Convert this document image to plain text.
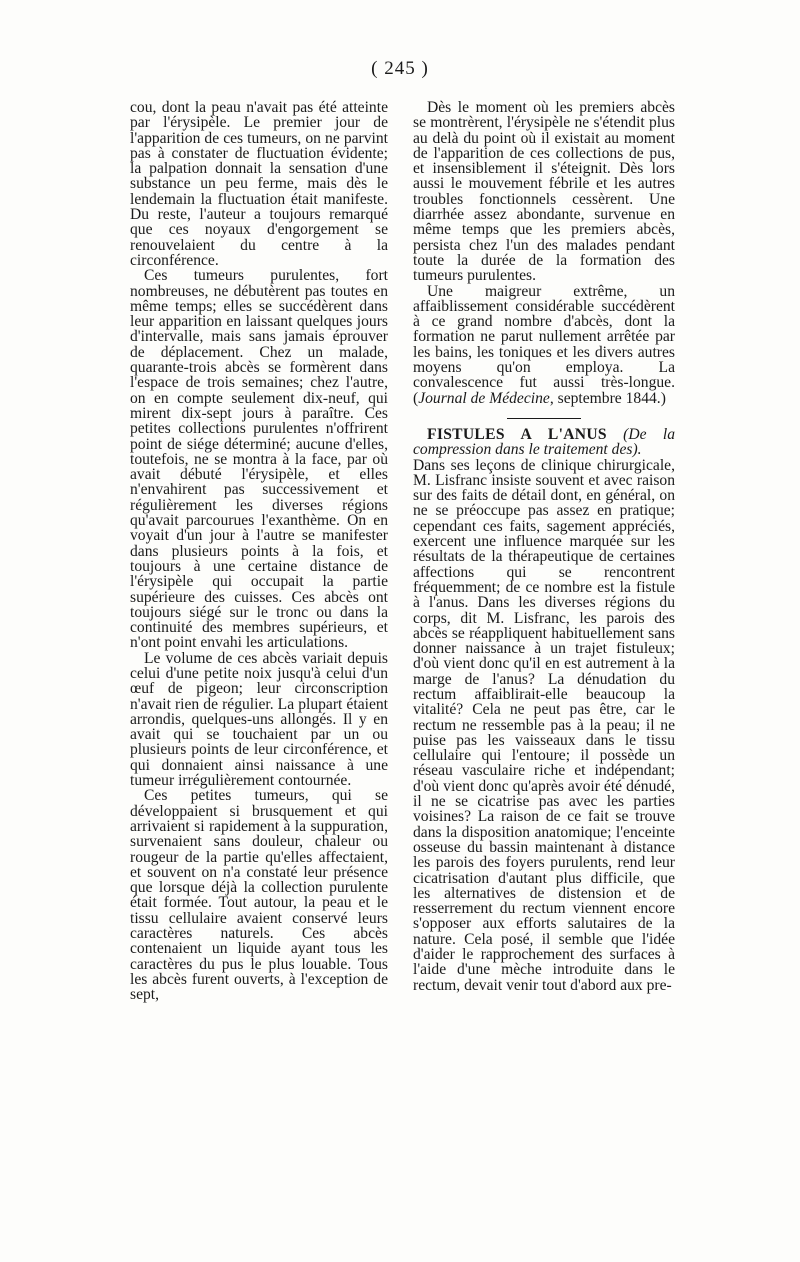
( 245 )

cou, dont la peau n'avait pas été atteinte par l'érysipèle. Le premier jour de l'apparition de ces tumeurs, on ne parvint pas à constater de fluctuation évidente; la palpation donnait la sensation d'une substance un peu ferme, mais dès le lendemain la fluctuation était manifeste. Du reste, l'auteur a toujours remarqué que ces noyaux d'engorgement se renouvelaient du centre à la circonférence.

Ces tumeurs purulentes, fort nombreuses, ne débutèrent pas toutes en même temps; elles se succédèrent dans leur apparition en laissant quelques jours d'intervalle, mais sans jamais éprouver de déplacement. Chez un malade, quarante-trois abcès se formèrent dans l'espace de trois semaines; chez l'autre, on en compte seulement dix-neuf, qui mirent dix-sept jours à paraître. Ces petites collections purulentes n'offrirent point de siége déterminé; aucune d'elles, toutefois, ne se montra à la face, par où avait débuté l'érysipèle, et elles n'envahirent pas successivement et régulièrement les diverses régions qu'avait parcourues l'exanthème. On en voyait d'un jour à l'autre se manifester dans plusieurs points à la fois, et toujours à une certaine distance de l'érysipèle qui occupait la partie supérieure des cuisses. Ces abcès ont toujours siégé sur le tronc ou dans la continuité des membres supérieurs, et n'ont point envahi les articulations.

Le volume de ces abcès variait depuis celui d'une petite noix jusqu'à celui d'un œuf de pigeon; leur circonscription n'avait rien de régulier. La plupart étaient arrondis, quelques-uns allongés. Il y en avait qui se touchaient par un ou plusieurs points de leur circonférence, et qui donnaient ainsi naissance à une tumeur irrégulièrement contournée.

Ces petites tumeurs, qui se développaient si brusquement et qui arrivaient si rapidement à la suppuration, survenaient sans douleur, chaleur ou rougeur de la partie qu'elles affectaient, et souvent on n'a constaté leur présence que lorsque déjà la collection purulente était formée. Tout autour, la peau et le tissu cellulaire avaient conservé leurs caractères naturels. Ces abcès contenaient un liquide ayant tous les caractères du pus le plus louable. Tous les abcès furent ouverts, à l'exception de sept,

Dès le moment où les premiers abcès se montrèrent, l'érysipèle ne s'étendit plus au delà du point où il existait au moment de l'apparition de ces collections de pus, et insensiblement il s'éteignit. Dès lors aussi le mouvement fébrile et les autres troubles fonctionnels cessèrent. Une diarrhée assez abondante, survenue en même temps que les premiers abcès, persista chez l'un des malades pendant toute la durée de la formation des tumeurs purulentes.

Une maigreur extrême, un affaiblissement considérable succédèrent à ce grand nombre d'abcès, dont la formation ne parut nullement arrêtée par les bains, les toniques et les divers autres moyens qu'on employa. La convalescence fut aussi très-longue. (Journal de Médecine, septembre 1844.)

FISTULES A L'ANUS (De la compression dans le traitement des).

Dans ses leçons de clinique chirurgicale, M. Lisfranc insiste souvent et avec raison sur des faits de détail dont, en général, on ne se préoccupe pas assez en pratique; cependant ces faits, sagement appréciés, exercent une influence marquée sur les résultats de la thérapeutique de certaines affections qui se rencontrent fréquemment; de ce nombre est la fistule à l'anus. Dans les diverses régions du corps, dit M. Lisfranc, les parois des abcès se réappliquent habituellement sans donner naissance à un trajet fistuleux; d'où vient donc qu'il en est autrement à la marge de l'anus? La dénudation du rectum affaiblirait-elle beaucoup la vitalité? Cela ne peut pas être, car le rectum ne ressemble pas à la peau; il ne puise pas les vaisseaux dans le tissu cellulaire qui l'entoure; il possède un réseau vasculaire riche et indépendant; d'où vient donc qu'après avoir été dénudé, il ne se cicatrise pas avec les parties voisines? La raison de ce fait se trouve dans la disposition anatomique; l'enceinte osseuse du bassin maintenant à distance les parois des foyers purulents, rend leur cicatrisation d'autant plus difficile, que les alternatives de distension et de resserrement du rectum viennent encore s'opposer aux efforts salutaires de la nature. Cela posé, il semble que l'idée d'aider le rapprochement des surfaces à l'aide d'une mèche introduite dans le rectum, devait venir tout d'abord aux pre-
